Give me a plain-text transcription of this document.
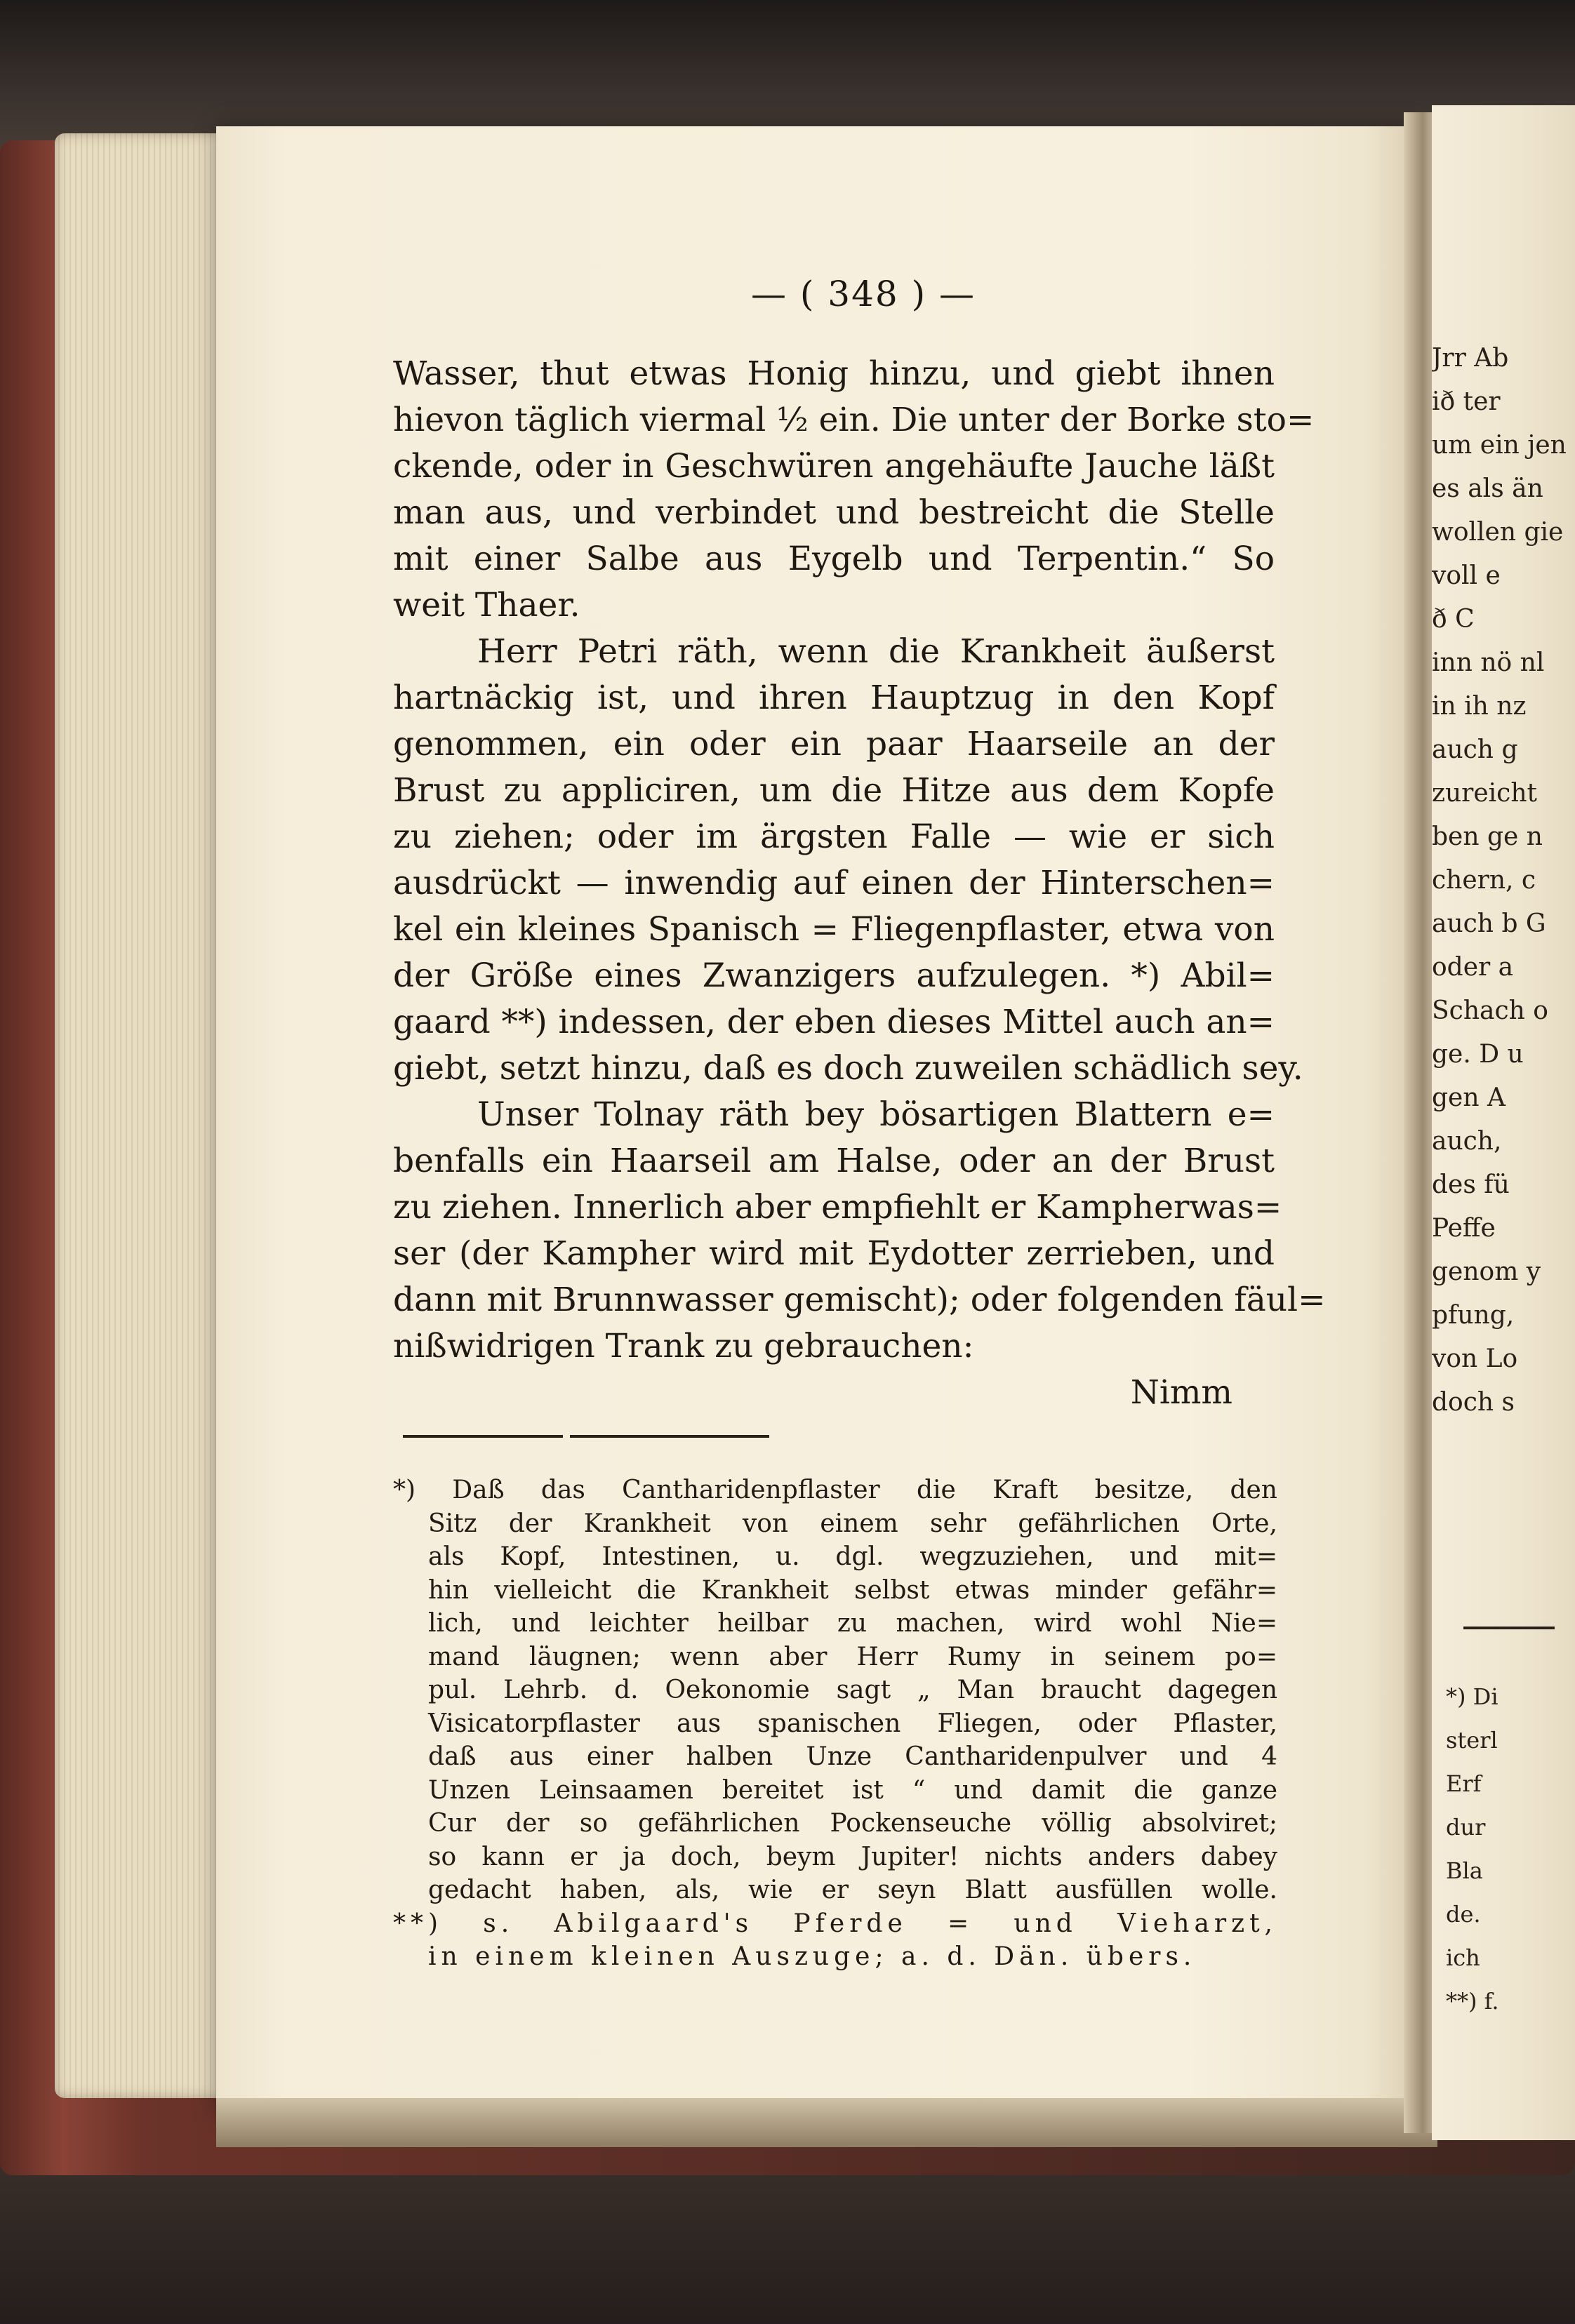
— ( 348 ) —
Wasser, thut etwas Honig hinzu, und giebt ihnen
hievon täglich viermal ½ ein. Die unter der Borke sto=
ckende, oder in Geschwüren angehäufte Jauche läßt
man aus, und verbindet und bestreicht die Stelle
mit einer Salbe aus Eygelb und Terpentin.“ So
weit Thaer.
Herr Petri räth, wenn die Krankheit äußerst
hartnäckig ist, und ihren Hauptzug in den Kopf
genommen, ein oder ein paar Haarseile an der
Brust zu appliciren, um die Hitze aus dem Kopfe
zu ziehen; oder im ärgsten Falle — wie er sich
ausdrückt — inwendig auf einen der Hinterschen=
kel ein kleines Spanisch = Fliegenpflaster, etwa von
der Größe eines Zwanzigers aufzulegen. *) Abil=
gaard **) indessen, der eben dieses Mittel auch an=
giebt, setzt hinzu, daß es doch zuweilen schädlich sey.
Unser Tolnay räth bey bösartigen Blattern e=
benfalls ein Haarseil am Halse, oder an der Brust
zu ziehen. Innerlich aber empfiehlt er Kampherwas=
ser (der Kampher wird mit Eydotter zerrieben, und
dann mit Brunnwasser gemischt); oder folgenden fäul=
nißwidrigen Trank zu gebrauchen:
Nimm
*) Daß das Cantharidenpflaster die Kraft besitze, den
Sitz der Krankheit von einem sehr gefährlichen Orte,
als Kopf, Intestinen, u. dgl. wegzuziehen, und mit=
hin vielleicht die Krankheit selbst etwas minder gefähr=
lich, und leichter heilbar zu machen, wird wohl Nie=
mand läugnen; wenn aber Herr Rumy in seinem po=
pul. Lehrb. d. Oekonomie sagt „ Man braucht dagegen
Visicatorpflaster aus spanischen Fliegen, oder Pflaster,
daß aus einer halben Unze Cantharidenpulver und 4
Unzen Leinsaamen bereitet ist “ und damit die ganze
Cur der so gefährlichen Pockenseuche völlig absolviret;
so kann er ja doch, beym Jupiter! nichts anders dabey
gedacht haben, als, wie er seyn Blatt ausfüllen wolle.
**) s. Abilgaard's Pferde = und Vieharzt,
in einem kleinen Auszuge; a. d. Dän. übers.
Jrr Ab
ið ter
um ein jen
es als än
wollen gie
voll e
ð C
inn nö nl
in ih nz
auch g
zureicht
ben ge n
chern, c
auch b G
oder a
Schach o
ge. D u
gen A
auch,
des fü
Peffe
genom y
pfung,
von Lo
doch s
*) Di
sterl
Erf
dur
Bla
de.
ich
**) f.
